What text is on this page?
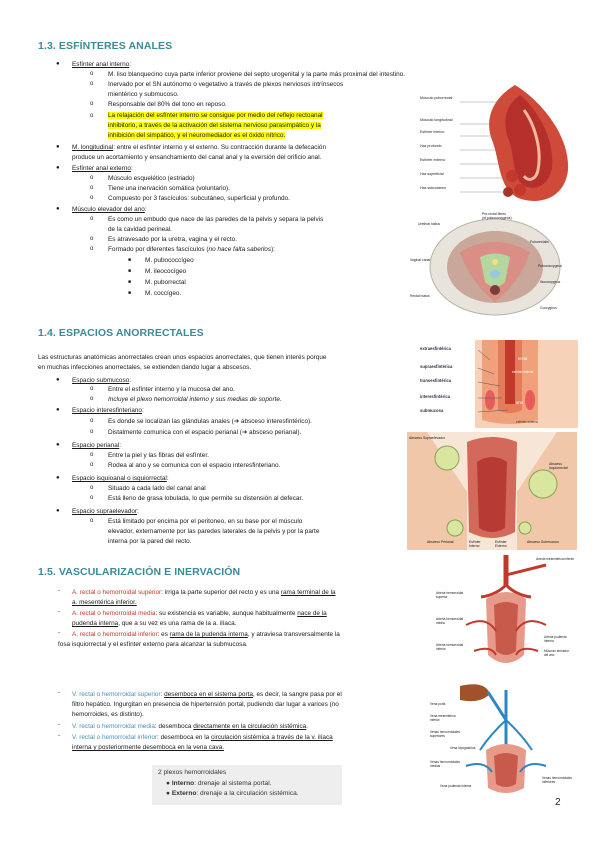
1.3. ESFÍNTERES ANALES
● Esfínter anal interno:
o M. liso blanquecino cuya parte inferior proviene del septo urogenital y la parte más proximal del intestino.
o Inervado por el SN autónomo o vegetativo a través de plexos nerviosos intrínsecos
mientérico y submucoso.
o Responsable del 80% del tono en reposo.
o La relajación del esfínter interno se consigue por medio del reflejo rectoanal
inhibitorio, a través de la activación del sistema nervioso parasimpático y la
inhibición del simpático, y el neuromediador es el óxido nítrico.
● M. longitudinal: entre el esfínter interno y el externo. Su contracción durante la defecación
produce un acortamiento y ensanchamiento del canal anal y la eversión del orificio anal.
● Esfínter anal externo:
o Músculo esquelético (estriado)
o Tiene una inervación somática (voluntario).
o Compuesto por 3 fascículos: subcutáneo, superficial y profundo.
● Músculo elevador del ano:
o Es como un embudo que nace de las paredes de la pelvis y separa la pelvis
de la cavidad perineal.
o Es atravesado por la uretra, vagina y el recto.
o Formado por diferentes fascículos (no hace falta saberlos):
■ M. pubococcígeo
■ M. ileococígeo
■ M. puborrectal
■ M. coccígeo.
Músculo puborrectal
Músculo longitudinal
Esfínter interno
Haz profundo
Esfínter externo
Haz superficial
Haz subcutáneo
Pre-rectal fibres
(of pubococcygeus)
Urethral hiatus
Puborectalis
Vaginal canal
Pubococcygeus
Iliococcygeus
Rectal hiatus
Coccygeus
1.4. ESPACIOS ANORRECTALES
Las estructuras anatómicas anorrectales crean unos espacios anorrectales, que tienen interés porque
en muchas infecciones anorrectales, se extienden dando lugar a abscesos.
● Espacio submucoso:
o Entre el esfínter interno y la mucosa del ano.
o Incluye el plexo hemorroidal interno y sus medias de soporte.
● Espacio interesfinteriano:
o Es donde se localizan las glándulas anales (➔ absceso interesfintérico).
o Distalmente comunica con el espacio perianal (➔ absceso perianal).
● Espacio perianal:
o Entre la piel y las fibras del esfínter.
o Rodea al ano y se comunica con el espacio interesfinteriano.
● Espacio isquioanal o isquiorrectal:
o Situado a cada lado del canal anal
o Está lleno de grasa lobulada, lo que permite su distensión al defecar.
● Espacio supraelevador:
o Está limitado por encima por el peritoneo, en su base por el músculo
elevador, externamente por las paredes laterales de la pelvis y por la parte
interna por la pared del recto.
extraesfintérica
supraesfintérica
transesfintérica
interesfintérica
submucosa
recto
esfínter interno
ano
esfínter externo
Absceso Supraelevador
Absceso Isquiorrectal
Absceso Perianal	Esfínter Interno
Esfínter Externo
Absceso Submucoso
1.5. VASCULARIZACIÓN E INERVACIÓN
- A. rectal o hemorroidal superior: irriga la parte superior del recto y es una rama terminal de la
a. mesentérica inferior.
- A. rectal o hemorroidal media: su existencia es variable, aunque habitualmente nace de la
pudenda interna, que a su vez es una rama de la a. ilíaca.
- A. rectal o hemorroidal inferior: es rama de la pudenda interna, y atraviesa transversalmente la
fosa isquiorrectal y el esfínter externo para alcanzar la submucosa.
- V. rectal o hemorroidal superior: desemboca en el sistema porta, es decir, la sangre pasa por el
filtro hepático. Ingurgitan en presencia de hipertensión portal, pudiendo dar lugar a varices (no
hemorroides, es distinto).
- V. rectal o hemorroidal media: desemboca directamente en la circulación sistémica.
- V. rectal o hemorroidal inferior: desemboca en la circulación sistémica a través de la v. ilíaca
interna y posteriormente desemboca en la vena cava.
2 plexos hemorroidales
● Interno: drenaje al sistema portal.
● Externo: drenaje a la circulación sistémica.
Arteria mesentérica inferior
Arteria hemorroidal superior
Arteria hemorroidal media
Arteria pudenda interna
Músculo elevador del ano
Arteria hemorroidal inferior
Vena porta
Vena mesentérica inferior
Venas hemorroidales superiores
Vena hipogástrica
Venas hemorroidales medias
Venas hemorroidales inferiores
Vena pudenda interna
2
